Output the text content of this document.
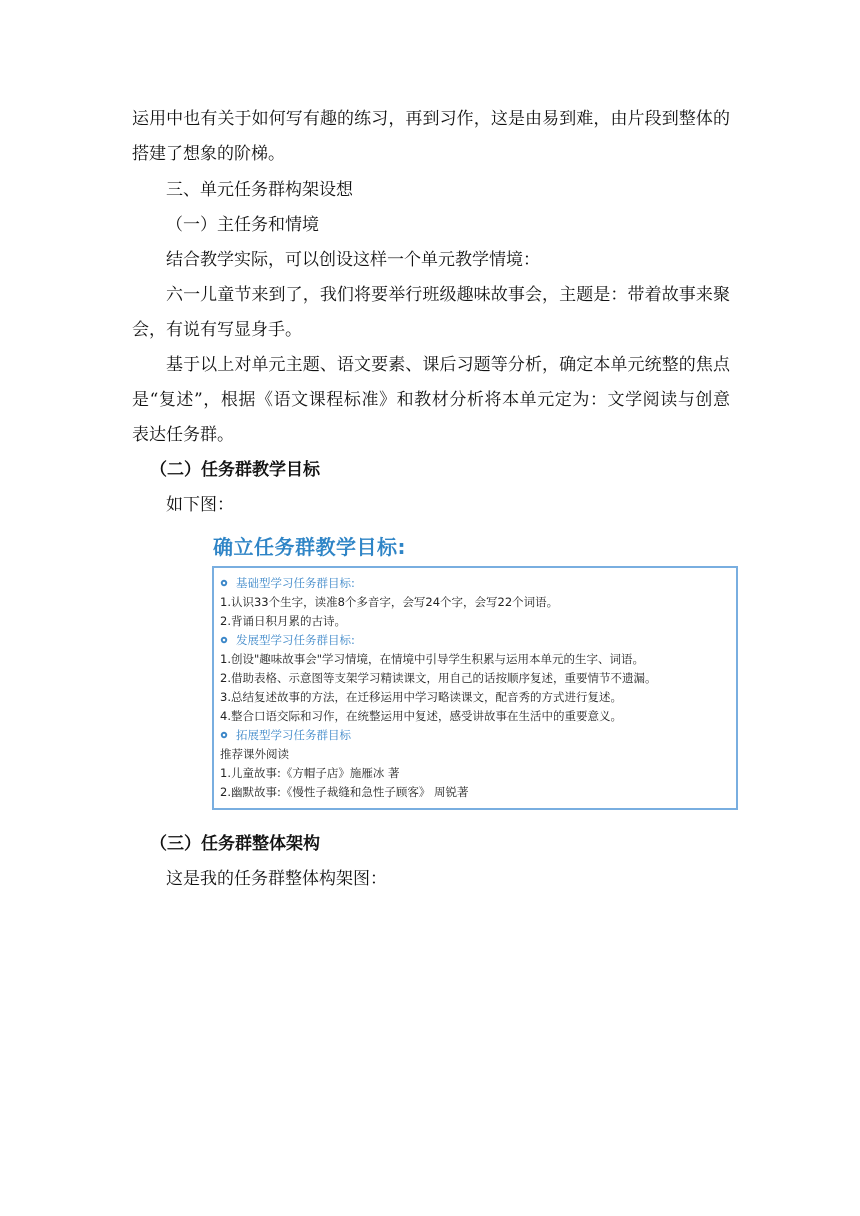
运用中也有关于如何写有趣的练习，再到习作，这是由易到难，由片段到整体的
搭建了想象的阶梯。
三、单元任务群构架设想
（一）主任务和情境
结合教学实际，可以创设这样一个单元教学情境：
六一儿童节来到了，我们将要举行班级趣味故事会，主题是：带着故事来聚
会，有说有写显身手。
基于以上对单元主题、语文要素、课后习题等分析，确定本单元统整的焦点
是“复述”，根据《语文课程标准》和教材分析将本单元定为：文学阅读与创意
表达任务群。
（二）任务群教学目标
如下图：
确立任务群教学目标:
基础型学习任务群目标:
1.认识33个生字，读准8个多音字，会写24个字，会写22个词语。
2.背诵日积月累的古诗。
发展型学习任务群目标:
1.创设"趣味故事会"学习情境，在情境中引导学生积累与运用本单元的生字、词语。
2.借助表格、示意图等支架学习精读课文，用自己的话按顺序复述，重要情节不遗漏。
3.总结复述故事的方法，在迁移运用中学习略读课文，配音秀的方式进行复述。
4.整合口语交际和习作，在统整运用中复述，感受讲故事在生活中的重要意义。
拓展型学习任务群目标
推荐课外阅读
1.儿童故事:《方帽子店》施雁冰 著
2.幽默故事:《慢性子裁缝和急性子顾客》 周锐著
（三）任务群整体架构
这是我的任务群整体构架图：
